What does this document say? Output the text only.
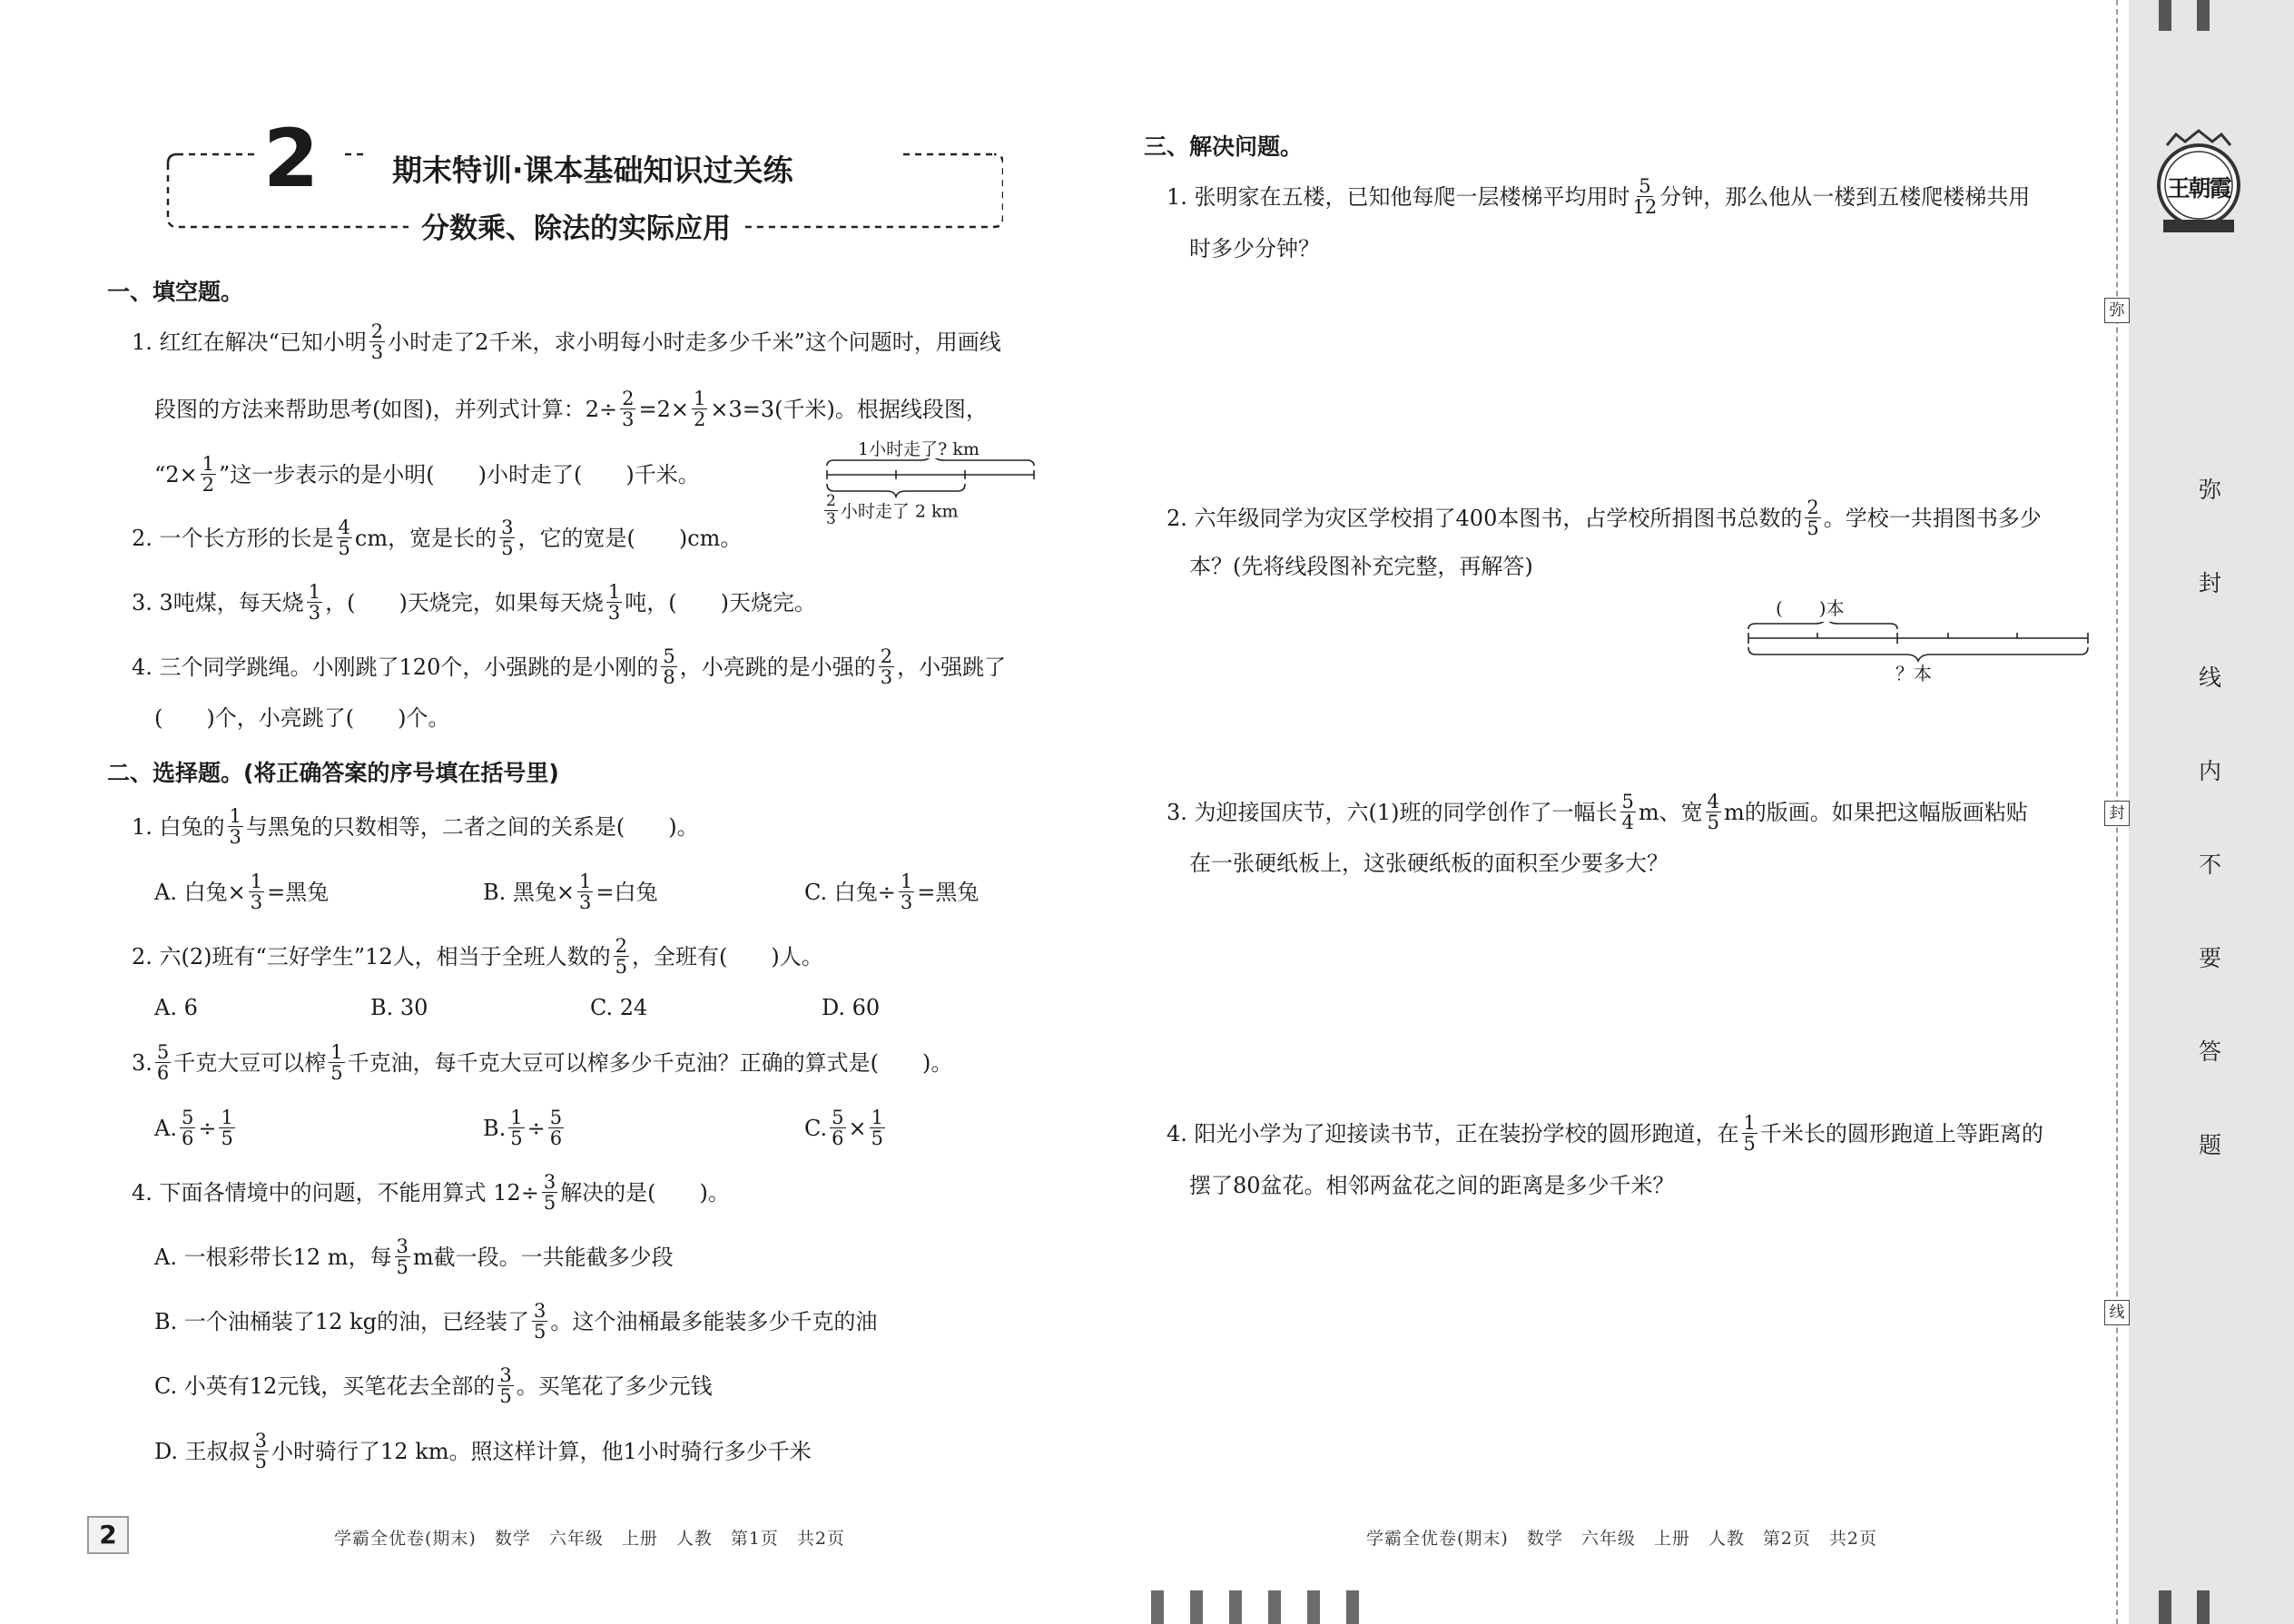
2 期末特训·课本基础知识过关练
分数乘、除法的实际应用
一、填空题。
1. 红红在解决“已知小明 $\frac{2}{3}$ 小时走了2千米，求小明每小时走多少千米”这个问题时，用画线
段图的方法来帮助思考(如图)，并列式计算：$2\div \frac{2}{3} =2\times \frac{1}{2} \times 3=3$(千米)。根据线段图，
“$2\times \frac{1}{2}$ ”这一步表示的是小明(　　)小时走了(　　)千米。
1小时走了? km
$\frac{2}{3}$ 小时走了 2 km
2. 一个长方形的长是 $\frac{4}{5}$ cm，宽是长的 $\frac{3}{5}$ ，它的宽是(　　)cm。
3. 3吨煤，每天烧 $\frac{1}{3}$ ，(　　)天烧完，如果每天烧 $\frac{1}{3}$ 吨，(　　)天烧完。
4. 三个同学跳绳。小刚跳了120个，小强跳的是小刚的 $\frac{5}{8}$ ，小亮跳的是小强的 $\frac{2}{3}$ ，小强跳了
(　　)个，小亮跳了(　　)个。
二、选择题。(将正确答案的序号填在括号里)
1. 白兔的 $\frac{1}{3}$ 与黑兔的只数相等，二者之间的关系是(　　)。
A. 白兔× $\frac{1}{3}$ =黑兔	B. 黑兔× $\frac{1}{3}$ =白兔	C. 白兔÷ $\frac{1}{3}$ =黑兔
2. 六(2)班有“三好学生”12人，相当于全班人数的 $\frac{2}{5}$ ，全班有(　　)人。
A. 6	B. 30	C. 24	D. 60
3. $\frac{5}{6}$ 千克大豆可以榨 $\frac{1}{5}$ 千克油，每千克大豆可以榨多少千克油？正确的算式是(　　)。
A. $\frac{5}{6} \div \frac{1}{5}$	B. $\frac{1}{5} \div \frac{5}{6}$	C. $\frac{5}{6} \times \frac{1}{5}$
4. 下面各情境中的问题，不能用算式 $12\div \frac{3}{5}$ 解决的是(　　)。
A. 一根彩带长12 m，每 $\frac{3}{5}$ m截一段。一共能截多少段
B. 一个油桶装了12 kg的油，已经装了 $\frac{3}{5}$ 。这个油桶最多能装多少千克的油
C. 小英有12元钱，买笔花去全部的 $\frac{3}{5}$ 。买笔花了多少元钱
D. 王叔叔 $\frac{3}{5}$ 小时骑行了12 km。照这样计算，他1小时骑行多少千米
2	学霸全优卷(期末)　数学　六年级　上册　人教　第1页　共2页
三、解决问题。
1. 张明家在五楼，已知他每爬一层楼梯平均用时 $\frac{5}{12}$ 分钟，那么他从一楼到五楼爬楼梯共用
时多少分钟？
2. 六年级同学为灾区学校捐了400本图书，占学校所捐图书总数的 $\frac{2}{5}$ 。学校一共捐图书多少
本？(先将线段图补充完整，再解答)
(　　)本
？本
3. 为迎接国庆节，六(1)班的同学创作了一幅长 $\frac{5}{4}$ m、宽 $\frac{4}{5}$ m的版画。如果把这幅版画粘贴
在一张硬纸板上，这张硬纸板的面积至少要多大？
4. 阳光小学为了迎接读书节，正在装扮学校的圆形跑道，在 $\frac{1}{5}$ 千米长的圆形跑道上等距离的
摆了80盆花。相邻两盆花之间的距离是多少千米？
学霸全优卷(期末)　数学　六年级　上册　人教　第2页　共2页
王朝霞
弥
封
线
内
不
要
答
题
弥
封
线
